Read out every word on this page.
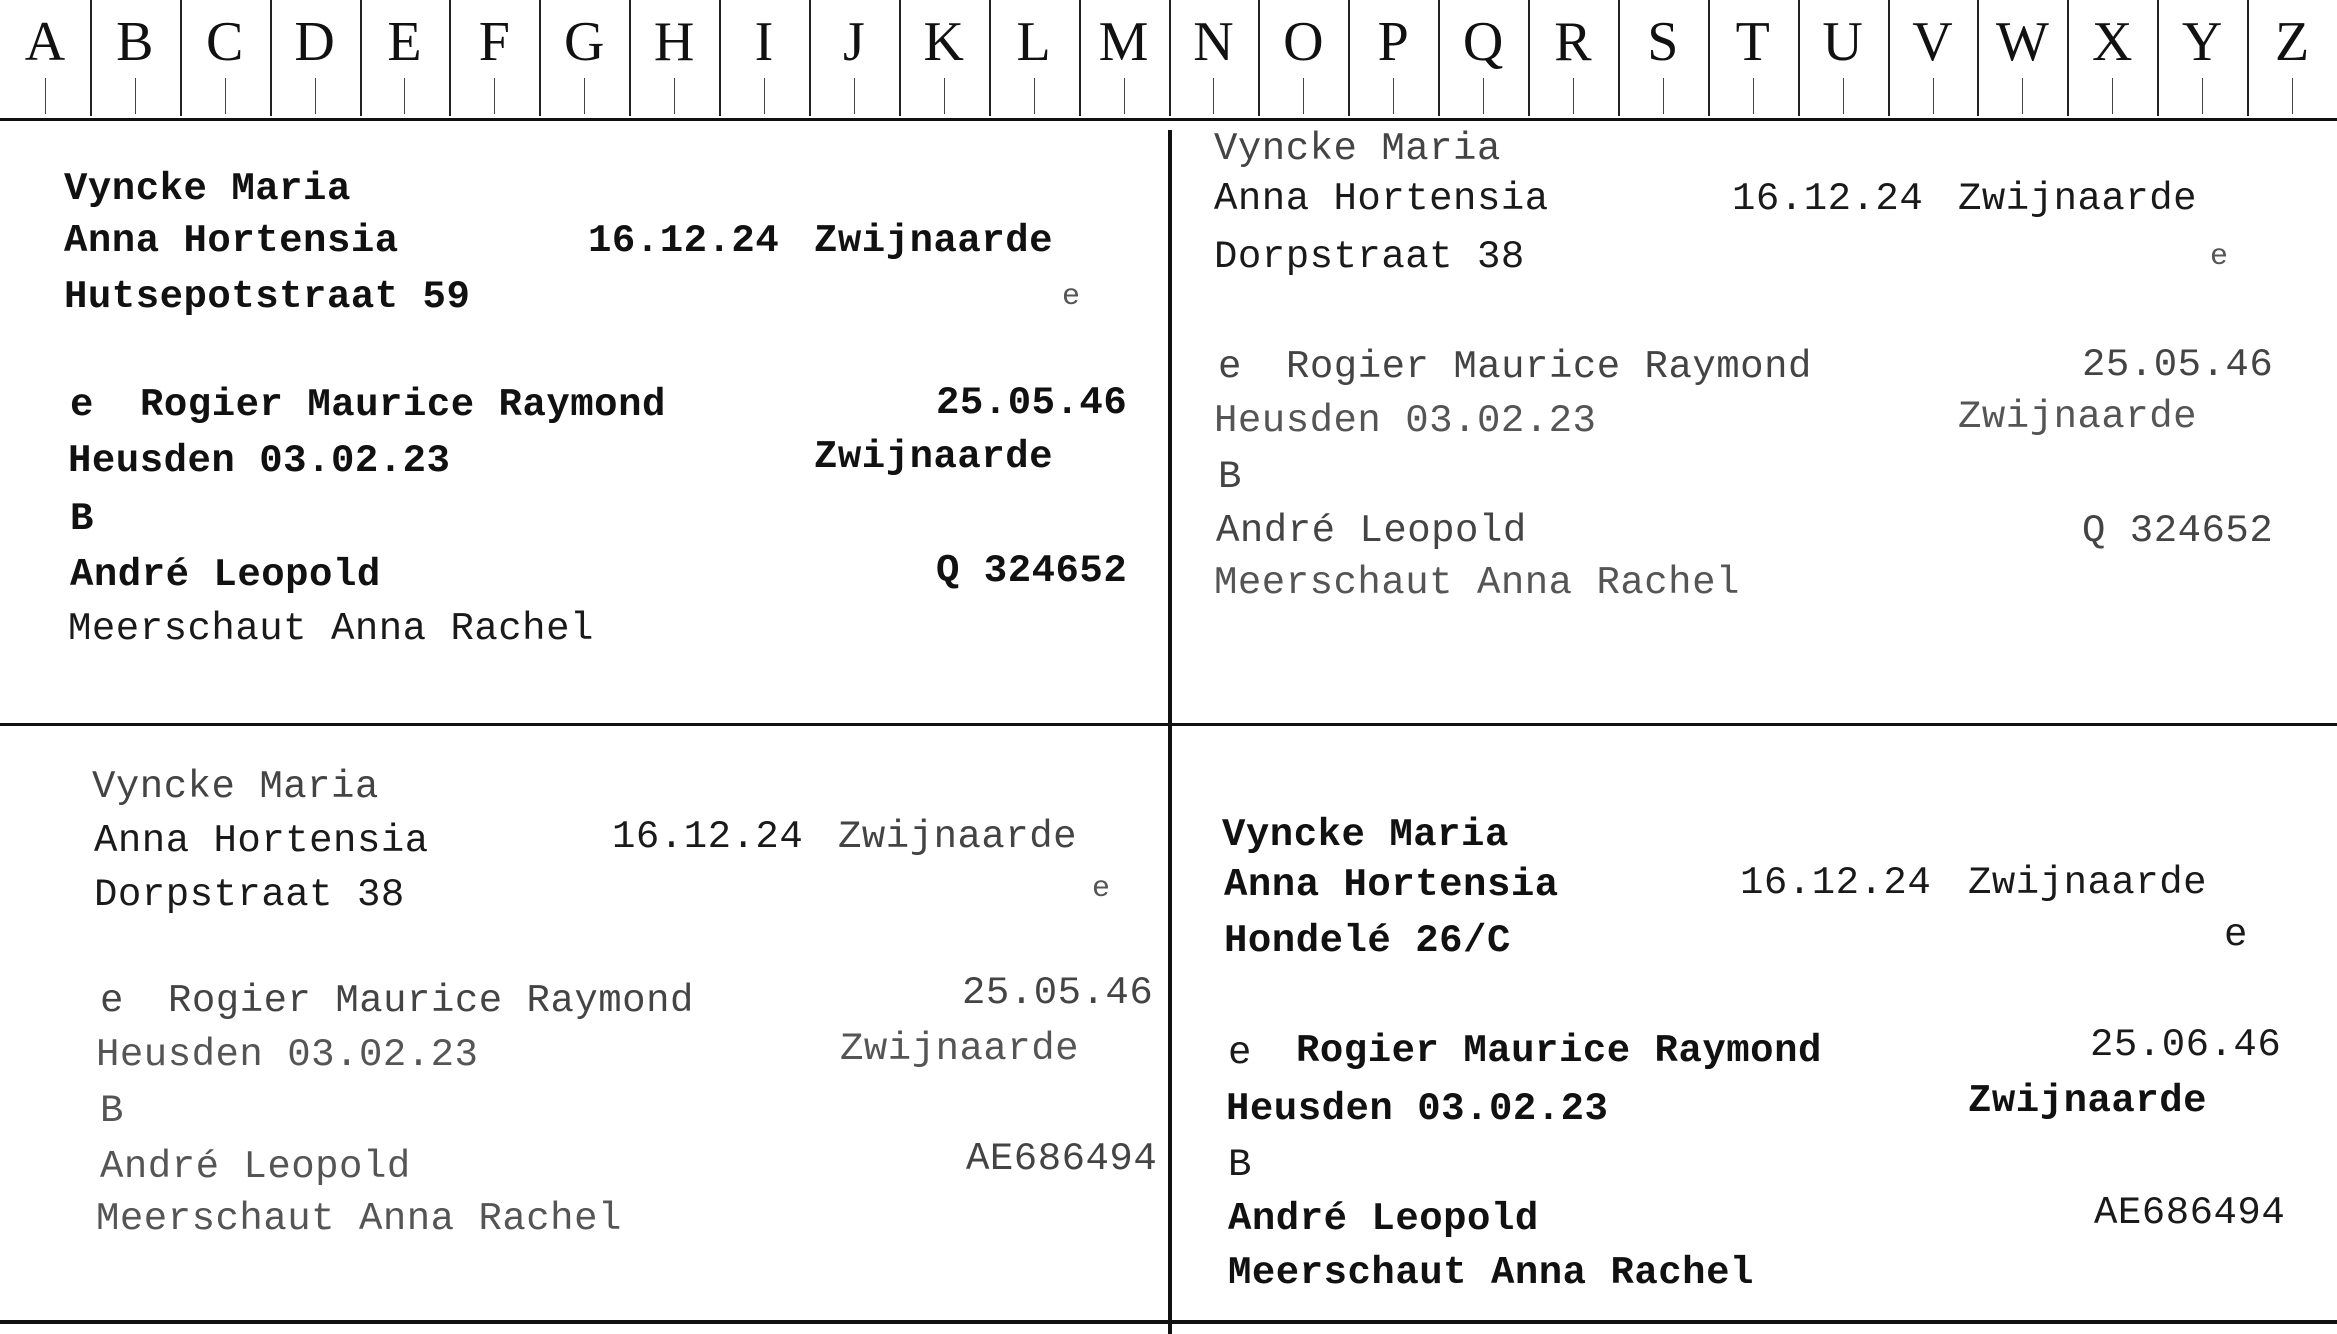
A B C D E	F G H	I	J	K L M N O P Q R S	T U V W X Y Z
Vyncke Maria
Anna Hortensia	16.12.24 Zwijnaarde
Hutsepotstraat 59	e
e Rogier Maurice Raymond	25.05.46
Heusden 03.02.23	Zwijnaarde
B
André Leopold	Q 324652
Meerschaut Anna Rachel
Vyncke Maria
Anna Hortensia	16.12.24 Zwijnaarde
Dorpstraat 38	e
e Rogier Maurice Raymond	25.05.46
Heusden 03.02.23	Zwijnaarde
B
André Leopold	Q 324652
Meerschaut Anna Rachel
Vyncke Maria
Anna Hortensia	16.12.24 Zwijnaarde
Dorpstraat 38	e
e Rogier Maurice Raymond	25.05.46
Heusden 03.02.23	Zwijnaarde
B
André Leopold	AE686494
Meerschaut Anna Rachel
Vyncke Maria
Anna Hortensia	16.12.24 Zwijnaarde
Hondelé 26/C	e
e Rogier Maurice Raymond	25.06.46
Heusden 03.02.23	Zwijnaarde
B
André Leopold	AE686494
Meerschaut Anna Rachel
